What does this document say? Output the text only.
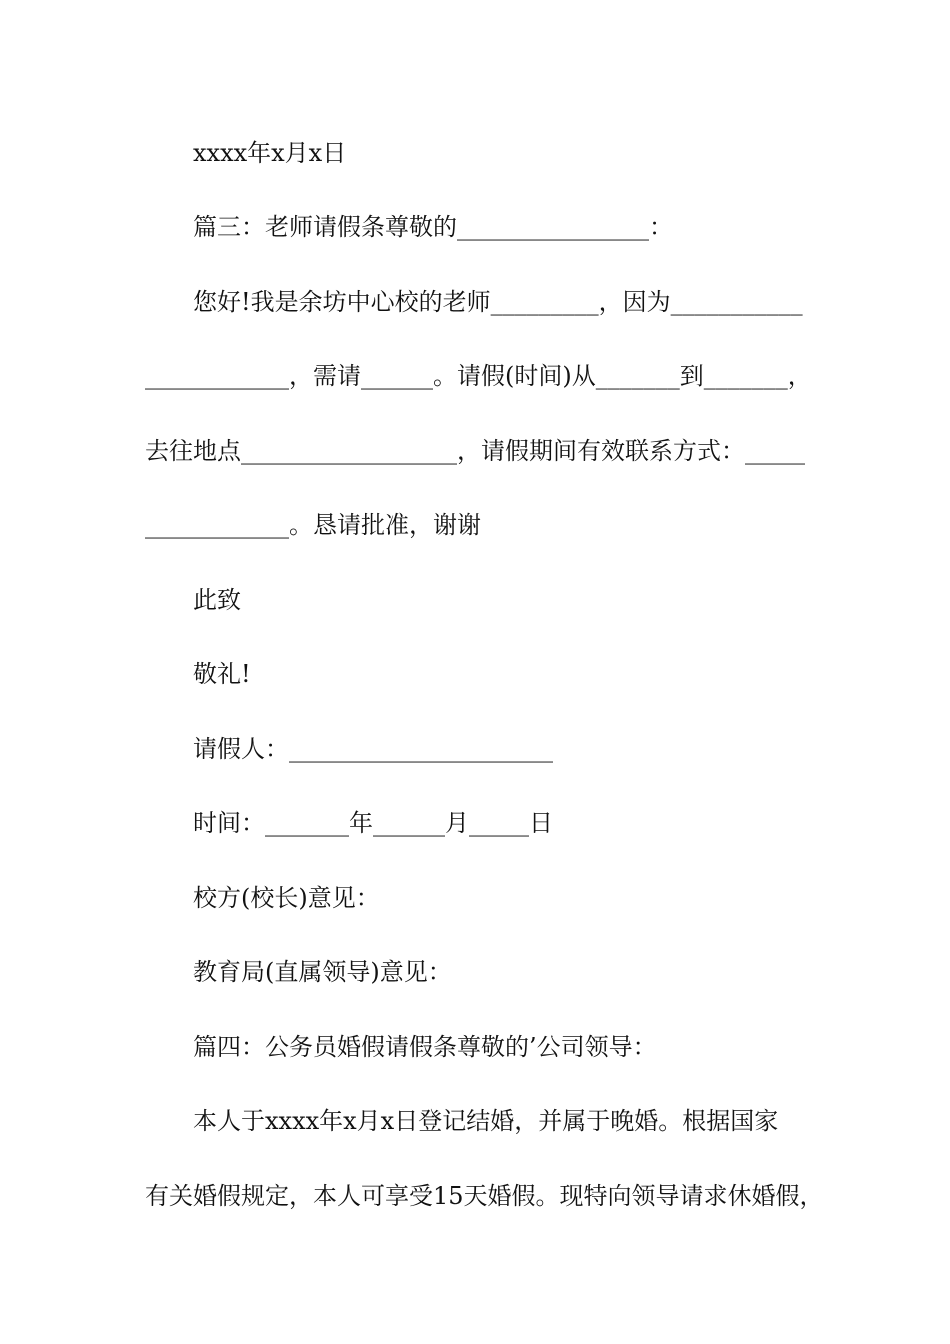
xxxx年x月x日
篇三：老师请假条尊敬的________________：
您好!我是余坊中心校的老师_________，因为___________
____________，需请______。请假(时间)从_______到_______，
去往地点__________________，请假期间有效联系方式：_____
____________。恳请批准，谢谢
此致
敬礼!
请假人：______________________
时间：_______年______月_____日
校方(校长)意见：
教育局(直属领导)意见：
篇四：公务员婚假请假条尊敬的’公司领导：
本人于xxxx年x月x日登记结婚，并属于晚婚。根据国家
有关婚假规定，本人可享受15天婚假。现特向领导请求休婚假，
